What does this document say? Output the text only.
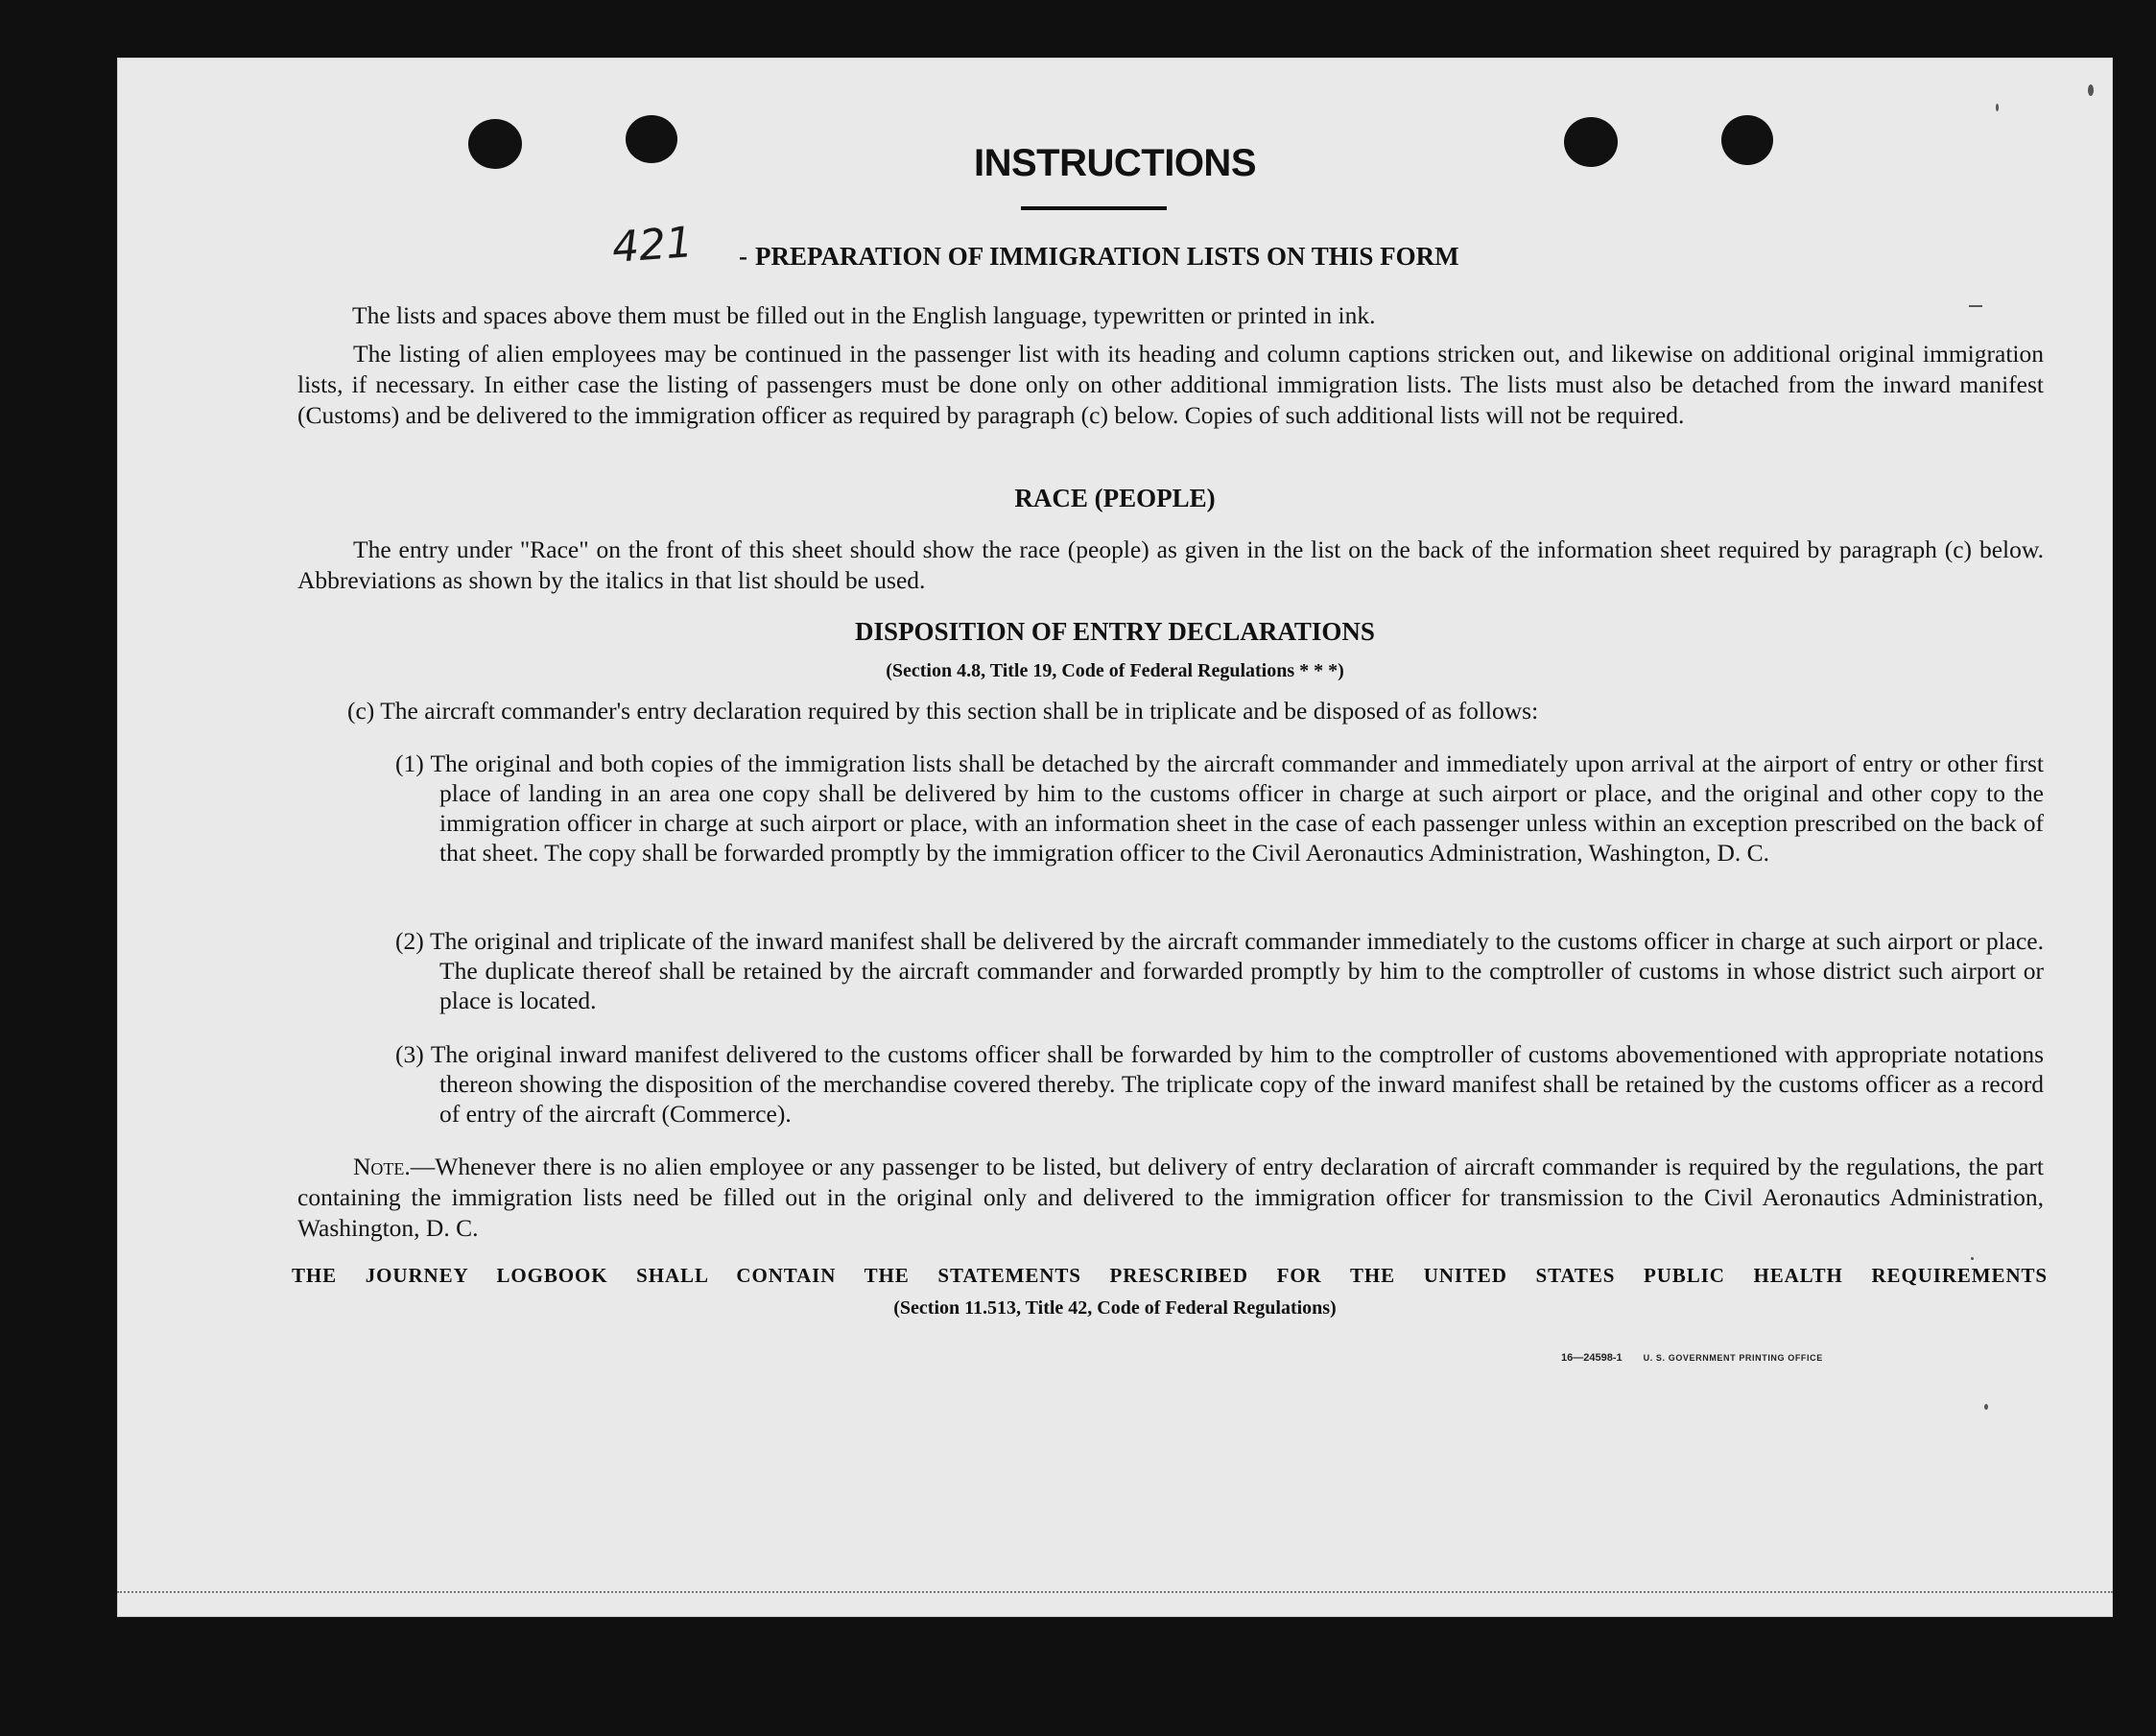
INSTRUCTIONS
421 - PREPARATION OF IMMIGRATION LISTS ON THIS FORM
The lists and spaces above them must be filled out in the English language, typewritten or printed in ink.
The listing of alien employees may be continued in the passenger list with its heading and column captions stricken out, and likewise on additional original immigration lists, if necessary. In either case the listing of passengers must be done only on other additional immigration lists. The lists must also be detached from the inward manifest (Customs) and be delivered to the immigration officer as required by paragraph (c) below. Copies of such additional lists will not be required.
RACE (PEOPLE)
The entry under "Race" on the front of this sheet should show the race (people) as given in the list on the back of the information sheet required by paragraph (c) below. Abbreviations as shown by the italics in that list should be used.
DISPOSITION OF ENTRY DECLARATIONS
(Section 4.8, Title 19, Code of Federal Regulations * * *)
(c) The aircraft commander's entry declaration required by this section shall be in triplicate and be disposed of as follows:
(1) The original and both copies of the immigration lists shall be detached by the aircraft commander and immediately upon arrival at the airport of entry or other first place of landing in an area one copy shall be delivered by him to the customs officer in charge at such airport or place, and the original and other copy to the immigration officer in charge at such airport or place, with an information sheet in the case of each passenger unless within an exception prescribed on the back of that sheet. The copy shall be forwarded promptly by the immigration officer to the Civil Aeronautics Administration, Washington, D. C.
(2) The original and triplicate of the inward manifest shall be delivered by the aircraft commander immediately to the customs officer in charge at such airport or place. The duplicate thereof shall be retained by the aircraft commander and forwarded promptly by him to the comptroller of customs in whose district such airport or place is located.
(3) The original inward manifest delivered to the customs officer shall be forwarded by him to the comptroller of customs abovementioned with appropriate notations thereon showing the disposition of the merchandise covered thereby. The triplicate copy of the inward manifest shall be retained by the customs officer as a record of entry of the aircraft (Commerce).
Note.—Whenever there is no alien employee or any passenger to be listed, but delivery of entry declaration of aircraft commander is required by the regulations, the part containing the immigration lists need be filled out in the original only and delivered to the immigration officer for transmission to the Civil Aeronautics Administration, Washington, D. C.
THE JOURNEY LOGBOOK SHALL CONTAIN THE STATEMENTS PRESCRIBED FOR THE UNITED STATES PUBLIC HEALTH REQUIREMENTS
(Section 11.513, Title 42, Code of Federal Regulations)
16—24598-1 U. S. GOVERNMENT PRINTING OFFICE
